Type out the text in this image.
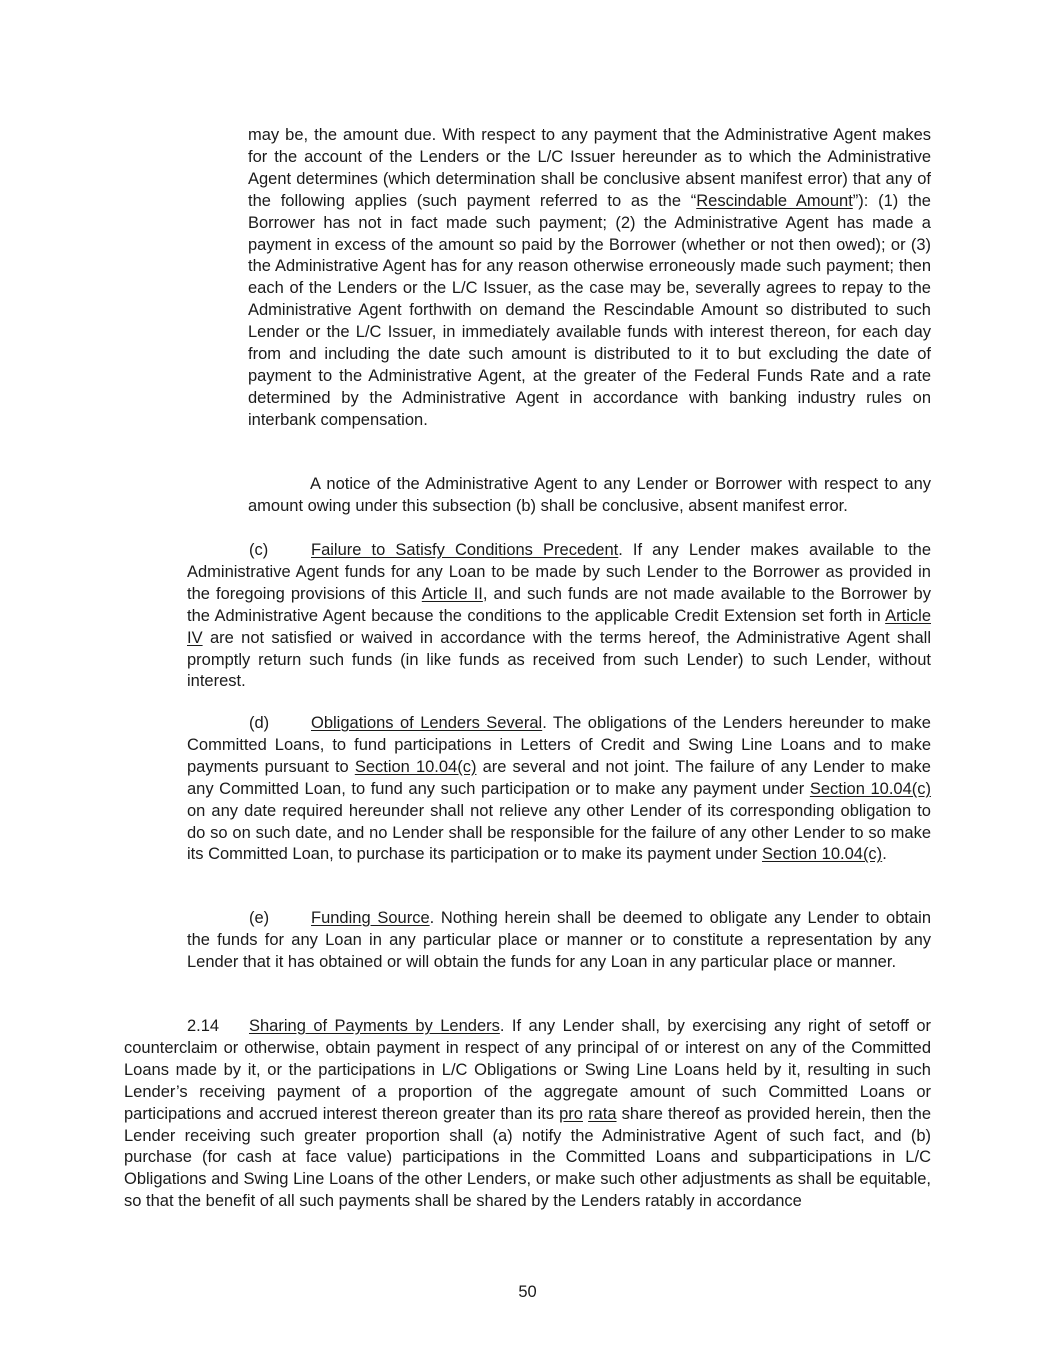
may be, the amount due. With respect to any payment that the Administrative Agent makes for the account of the Lenders or the L/C Issuer hereunder as to which the Administrative Agent determines (which determination shall be conclusive absent manifest error) that any of the following applies (such payment referred to as the “Rescindable Amount”): (1) the Borrower has not in fact made such payment; (2) the Administrative Agent has made a payment in excess of the amount so paid by the Borrower (whether or not then owed); or (3) the Administrative Agent has for any reason otherwise erroneously made such payment; then each of the Lenders or the L/C Issuer, as the case may be, severally agrees to repay to the Administrative Agent forthwith on demand the Rescindable Amount so distributed to such Lender or the L/C Issuer, in immediately available funds with interest thereon, for each day from and including the date such amount is distributed to it to but excluding the date of payment to the Administrative Agent, at the greater of the Federal Funds Rate and a rate determined by the Administrative Agent in accordance with banking industry rules on interbank compensation.

A notice of the Administrative Agent to any Lender or Borrower with respect to any amount owing under this subsection (b) shall be conclusive, absent manifest error.

(c)	Failure to Satisfy Conditions Precedent. If any Lender makes available to the Administrative Agent funds for any Loan to be made by such Lender to the Borrower as provided in the foregoing provisions of this Article II, and such funds are not made available to the Borrower by the Administrative Agent because the conditions to the applicable Credit Extension set forth in Article IV are not satisfied or waived in accordance with the terms hereof, the Administrative Agent shall promptly return such funds (in like funds as received from such Lender) to such Lender, without interest.

(d)	Obligations of Lenders Several. The obligations of the Lenders hereunder to make Committed Loans, to fund participations in Letters of Credit and Swing Line Loans and to make payments pursuant to Section 10.04(c) are several and not joint. The failure of any Lender to make any Committed Loan, to fund any such participation or to make any payment under Section 10.04(c) on any date required hereunder shall not relieve any other Lender of its corresponding obligation to do so on such date, and no Lender shall be responsible for the failure of any other Lender to so make its Committed Loan, to purchase its participation or to make its payment under Section 10.04(c).

(e)	Funding Source. Nothing herein shall be deemed to obligate any Lender to obtain the funds for any Loan in any particular place or manner or to constitute a representation by any Lender that it has obtained or will obtain the funds for any Loan in any particular place or manner.

2.14 Sharing of Payments by Lenders. If any Lender shall, by exercising any right of setoff or counterclaim or otherwise, obtain payment in respect of any principal of or interest on any of the Committed Loans made by it, or the participations in L/C Obligations or Swing Line Loans held by it, resulting in such Lender’s receiving payment of a proportion of the aggregate amount of such Committed Loans or participations and accrued interest thereon greater than its pro rata share thereof as provided herein, then the Lender receiving such greater proportion shall (a) notify the Administrative Agent of such fact, and (b) purchase (for cash at face value) participations in the Committed Loans and subparticipations in L/C Obligations and Swing Line Loans of the other Lenders, or make such other adjustments as shall be equitable, so that the benefit of all such payments shall be shared by the Lenders ratably in accordance

50
